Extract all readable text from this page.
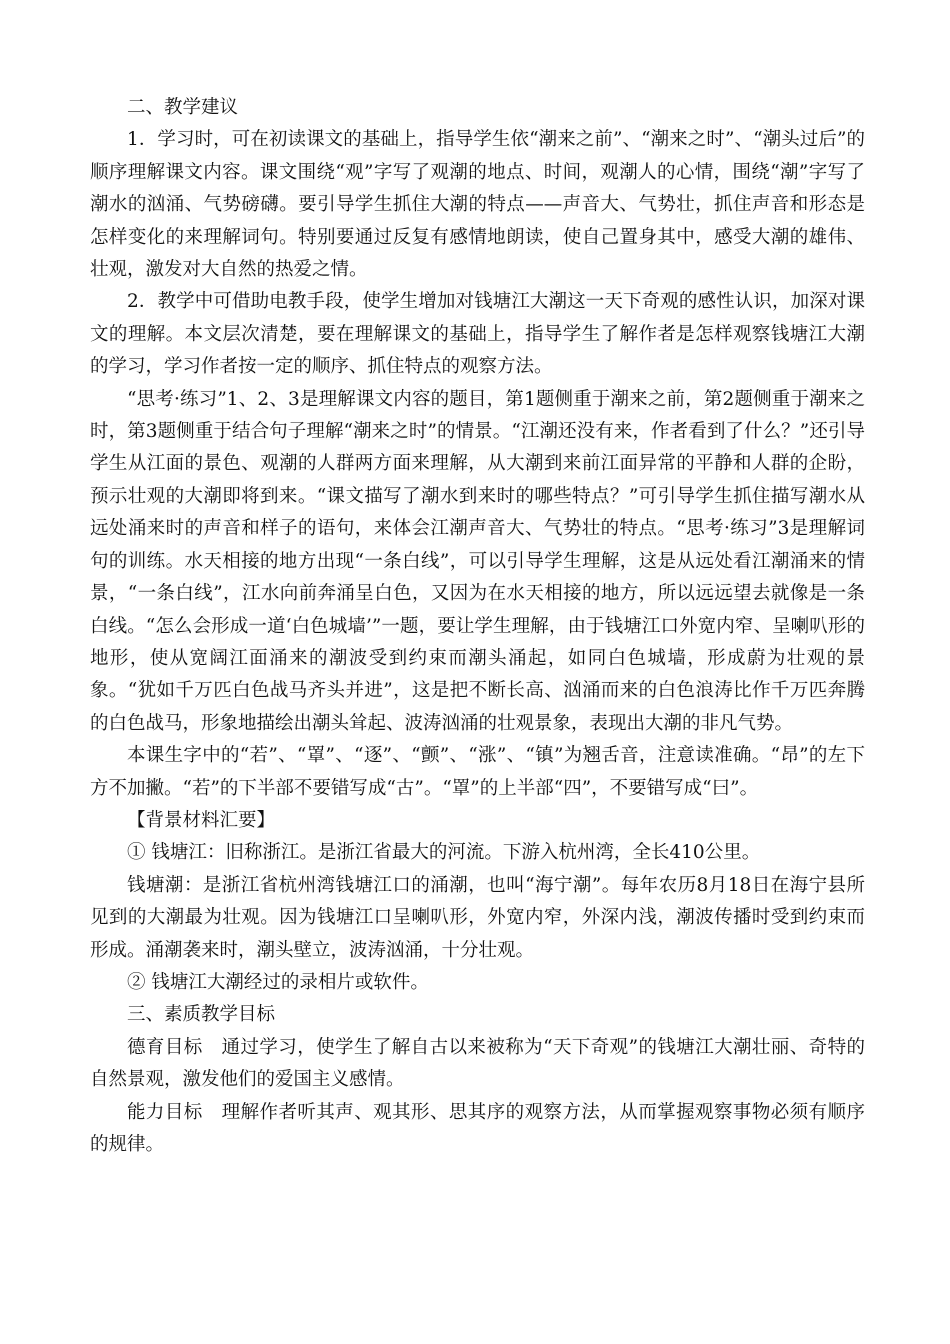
二、教学建议

1．学习时，可在初读课文的基础上，指导学生依“潮来之前”、“潮来之时”、“潮头过后”的顺序理解课文内容。课文围绕“观”字写了观潮的地点、时间，观潮人的心情，围绕“潮”字写了潮水的汹涌、气势磅礴。要引导学生抓住大潮的特点——声音大、气势壮，抓住声音和形态是怎样变化的来理解词句。特别要通过反复有感情地朗读，使自己置身其中，感受大潮的雄伟、壮观，激发对大自然的热爱之情。

2．教学中可借助电教手段，使学生增加对钱塘江大潮这一天下奇观的感性认识，加深对课文的理解。本文层次清楚，要在理解课文的基础上，指导学生了解作者是怎样观察钱塘江大潮的学习，学习作者按一定的顺序、抓住特点的观察方法。

“思考·练习”1、2、3是理解课文内容的题目，第1题侧重于潮来之前，第2题侧重于潮来之时，第3题侧重于结合句子理解“潮来之时”的情景。“江潮还没有来，作者看到了什么？”还引导学生从江面的景色、观潮的人群两方面来理解，从大潮到来前江面异常的平静和人群的企盼，预示壮观的大潮即将到来。“课文描写了潮水到来时的哪些特点？”可引导学生抓住描写潮水从远处涌来时的声音和样子的语句，来体会江潮声音大、气势壮的特点。“思考·练习”3是理解词句的训练。水天相接的地方出现“一条白线”，可以引导学生理解，这是从远处看江潮涌来的情景，“一条白线”，江水向前奔涌呈白色，又因为在水天相接的地方，所以远远望去就像是一条白线。“怎么会形成一道‘白色城墙’”一题，要让学生理解，由于钱塘江口外宽内窄、呈喇叭形的地形，使从宽阔江面涌来的潮波受到约束而潮头涌起，如同白色城墙，形成蔚为壮观的景象。“犹如千万匹白色战马齐头并进”，这是把不断长高、汹涌而来的白色浪涛比作千万匹奔腾的白色战马，形象地描绘出潮头耸起、波涛汹涌的壮观景象，表现出大潮的非凡气势。

本课生字中的“若”、“罩”、“逐”、“颤”、“涨”、“镇”为翘舌音，注意读准确。“昂”的左下方不加撇。“若”的下半部不要错写成“古”。“罩”的上半部“四”，不要错写成“曰”。

【背景材料汇要】

① 钱塘江：旧称浙江。是浙江省最大的河流。下游入杭州湾，全长410公里。

钱塘潮：是浙江省杭州湾钱塘江口的涌潮，也叫“海宁潮”。每年农历8月18日在海宁县所见到的大潮最为壮观。因为钱塘江口呈喇叭形，外宽内窄，外深内浅，潮波传播时受到约束而形成。涌潮袭来时，潮头壁立，波涛汹涌，十分壮观。

② 钱塘江大潮经过的录相片或软件。

三、素质教学目标

德育目标　通过学习，使学生了解自古以来被称为“天下奇观”的钱塘江大潮壮丽、奇特的自然景观，激发他们的爱国主义感情。

能力目标　理解作者听其声、观其形、思其序的观察方法，从而掌握观察事物必须有顺序的规律。
